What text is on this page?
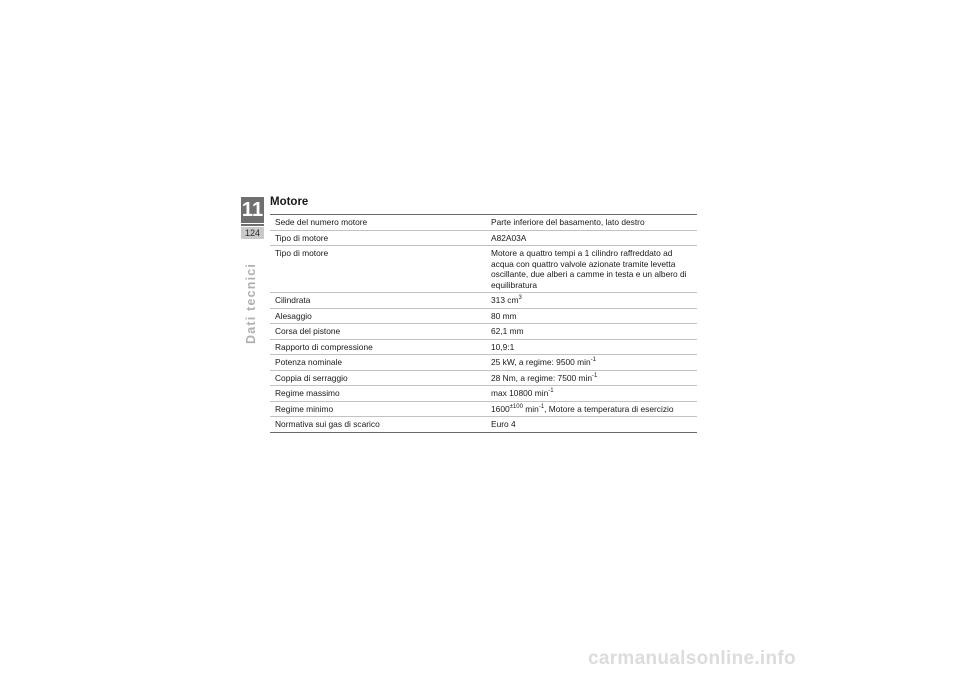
11
124
Dati tecnici
Motore
Sede del numero motore	Parte inferiore del basamento, lato destro
Tipo di motore	A82A03A
Tipo di motore	Motore a quattro tempi a 1 cilindro raffreddato ad acqua con quattro valvole azionate tramite levetta oscillante, due alberi a camme in testa e un albero di equilibratura
Cilindrata	313 $cm^3$
Alesaggio	80 mm
Corsa del pistone	62,1 mm
Rapporto di compressione	10,9:1
Potenza nominale	25 kW, a regime: 9500 $\min^{-1}$
Coppia di serraggio	28 Nm, a regime: 7500 $\min^{-1}$
Regime massimo	max 10800 $\min^{-1}$
Regime minimo	$1600^{\pm 100}$ $\min^{-1}$, Motore a temperatura di esercizio
Normativa sui gas di scarico	Euro 4
carmanualsonline.info
